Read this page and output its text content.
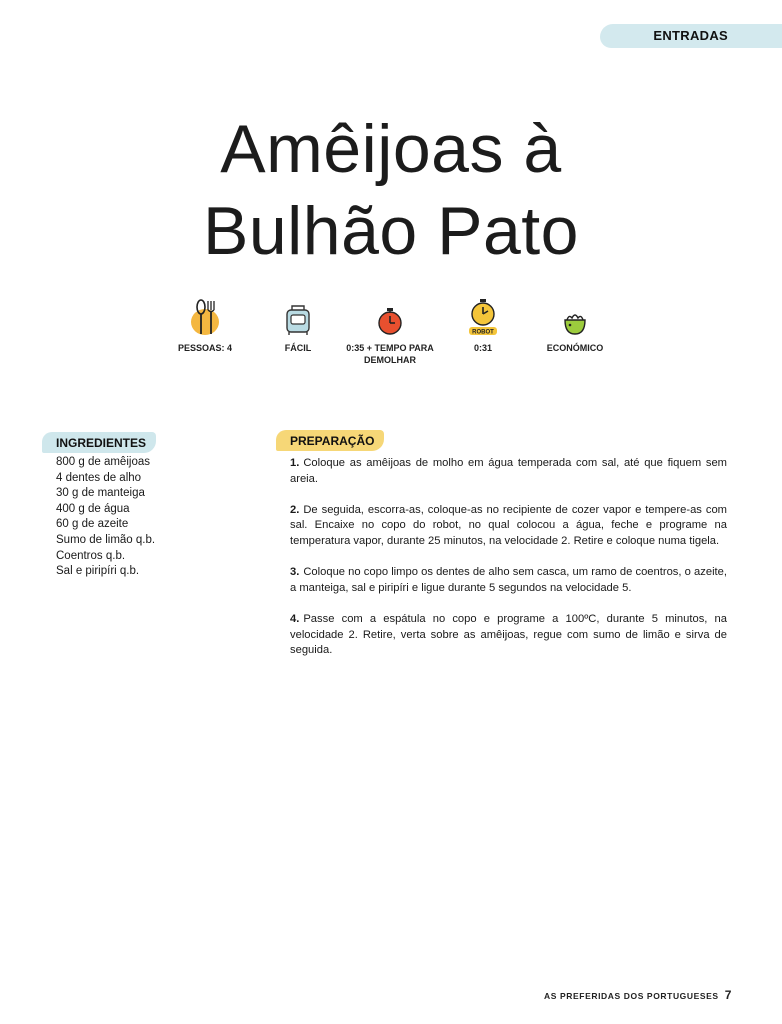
ENTRADAS
Amêijoas à
Bulhão Pato
PESSOAS: 4	FÁCIL	0:35 + TEMPO PARA DEMOLHAR
ROBOT
0:31	ECONÓMICO
INGREDIENTES
800 g de amêijoas
4 dentes de alho
30 g de manteiga
400 g de água
60 g de azeite
Sumo de limão q.b.
Coentros q.b.
Sal e piripíri q.b.
PREPARAÇÃO

1. Coloque as amêijoas de molho em água temperada com sal, até que fiquem sem areia.

2. De seguida, escorra-as, coloque-as no recipiente de cozer vapor e tempere-as com sal. Encaixe no copo do robot, no qual colocou a água, feche e programe na temperatura vapor, durante 25 minutos, na velocidade 2. Retire e coloque numa tigela.

3. Coloque no copo limpo os dentes de alho sem casca, um ramo de coentros, o azeite, a manteiga, sal e piripíri e ligue durante 5 segundos na velocidade 5.

4. Passe com a espátula no copo e programe a 100ºC, durante 5 minutos, na velocidade 2. Retire, verta sobre as amêijoas, regue com sumo de limão e sirva de seguida.

AS PREFERIDAS DOS PORTUGUESES 7
